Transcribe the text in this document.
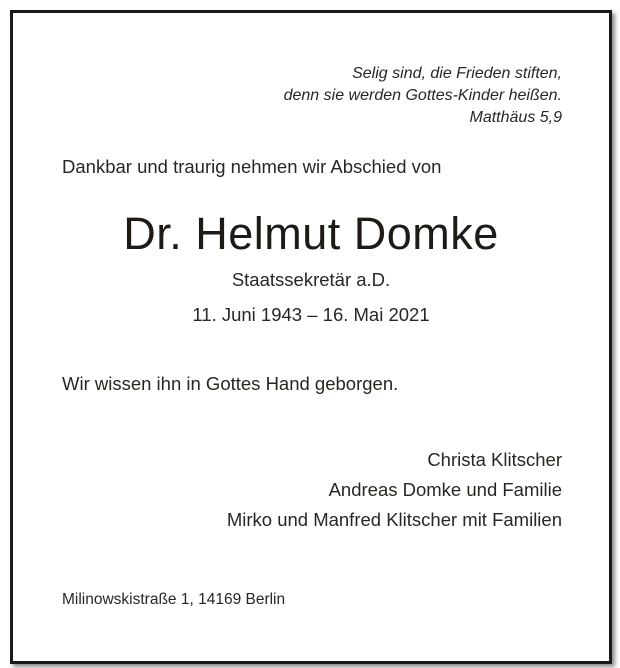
Selig sind, die Frieden stiften,
denn sie werden Gottes-Kinder heißen.
Matthäus 5,9
Dankbar und traurig nehmen wir Abschied von
Dr. Helmut Domke
Staatssekretär a.D.
11. Juni 1943 – 16. Mai 2021
Wir wissen ihn in Gottes Hand geborgen.
Christa Klitscher
Andreas Domke und Familie
Mirko und Manfred Klitscher mit Familien
Milinowskistraße 1, 14169 Berlin
